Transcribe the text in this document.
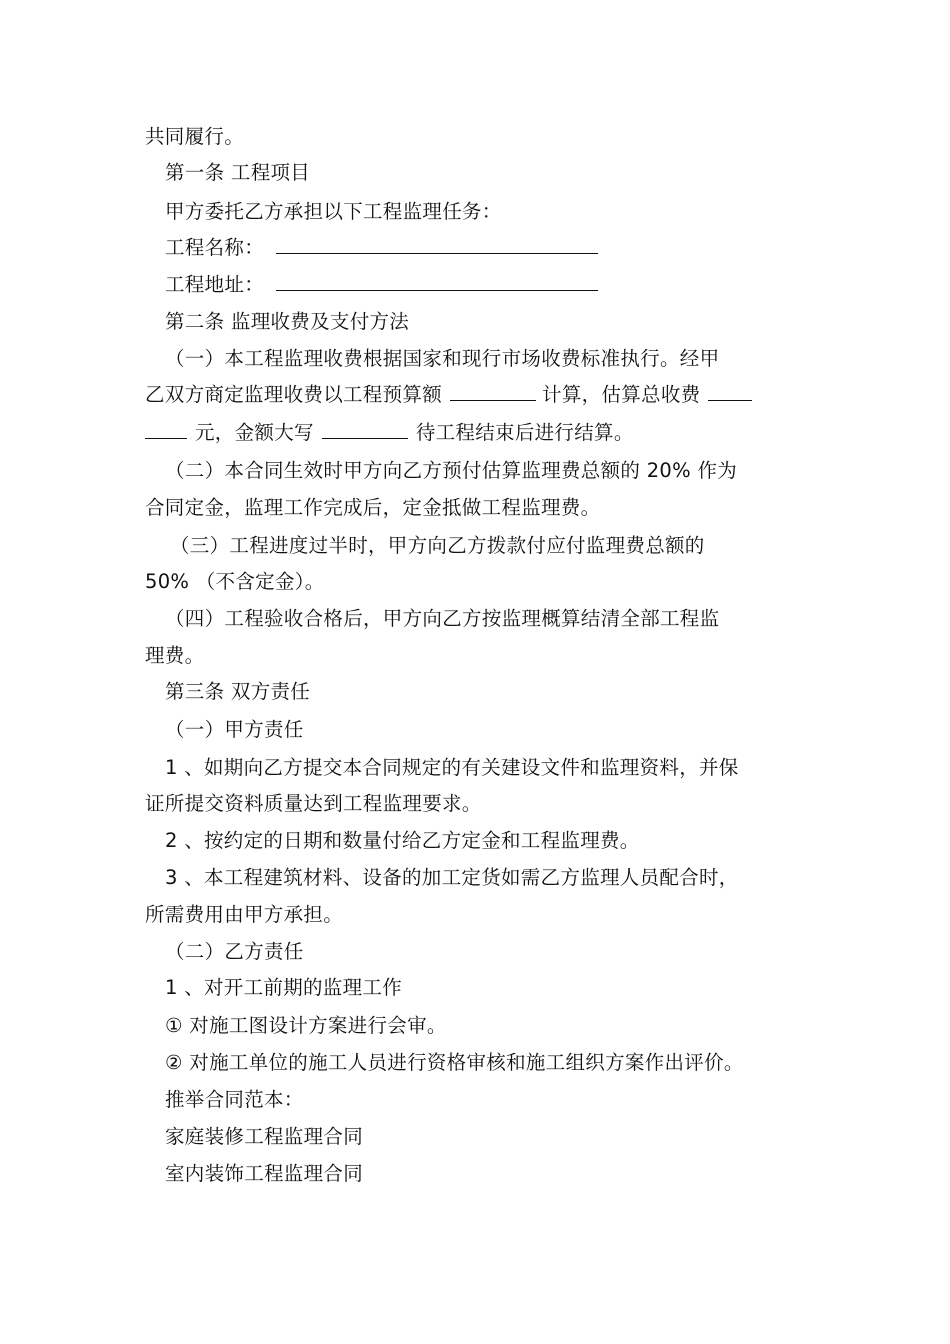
共同履行。
第一条 工程项目
甲方委托乙方承担以下工程监理任务：
工程名称：
工程地址：
第二条 监理收费及支付方法
（一）本工程监理收费根据国家和现行市场收费标准执行。经甲
乙双方商定监理收费以工程预算额	计算，估算总收费
元，金额大写	待工程结束后进行结算。
（二）本合同生效时甲方向乙方预付估算监理费总额的 20% 作为
合同定金，监理工作完成后，定金抵做工程监理费。
（三）工程进度过半时，甲方向乙方拨款付应付监理费总额的
50% （不含定金）。
（四）工程验收合格后，甲方向乙方按监理概算结清全部工程监
理费。
第三条 双方责任
（一）甲方责任
1 、如期向乙方提交本合同规定的有关建设文件和监理资料，并保
证所提交资料质量达到工程监理要求。
2 、按约定的日期和数量付给乙方定金和工程监理费。
3 、本工程建筑材料、设备的加工定货如需乙方监理人员配合时，
所需费用由甲方承担。
（二）乙方责任
1 、对开工前期的监理工作
① 对施工图设计方案进行会审。
② 对施工单位的施工人员进行资格审核和施工组织方案作出评价。
推举合同范本：
家庭装修工程监理合同
室内装饰工程监理合同
